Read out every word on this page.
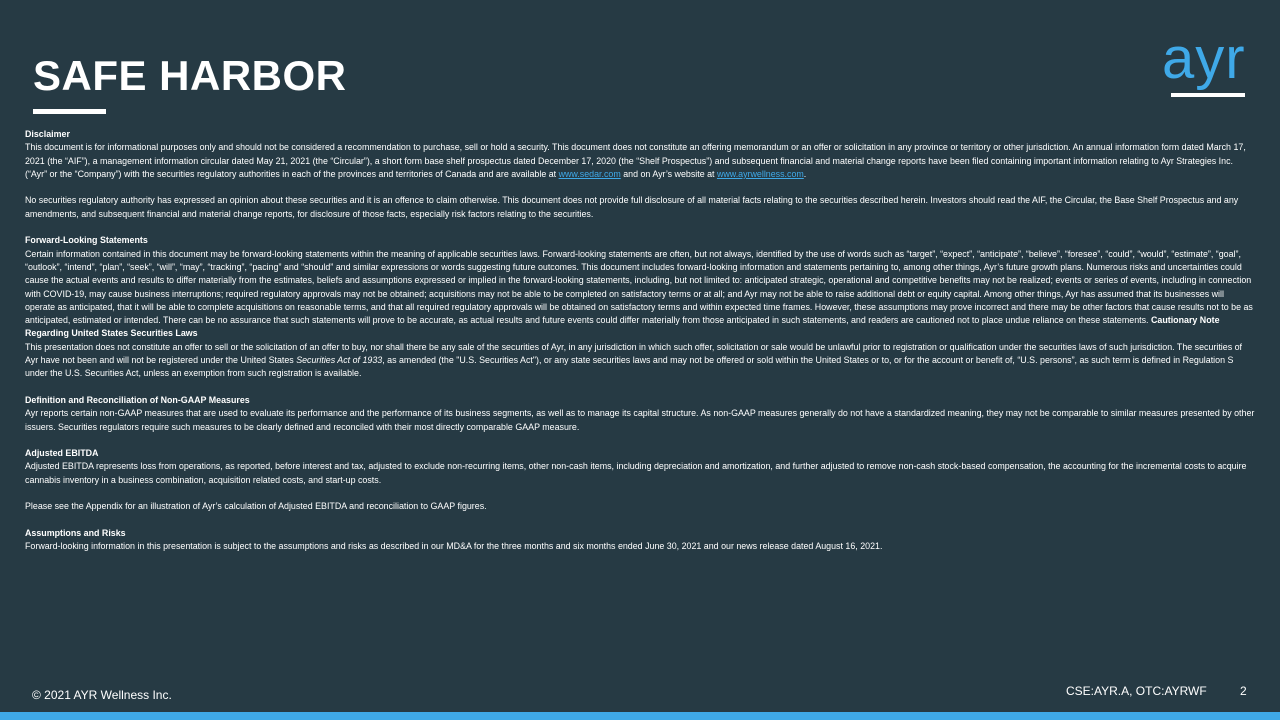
SAFE HARBOR	ayr
Disclaimer

This document is for informational purposes only and should not be considered a recommendation to purchase, sell or hold a security. This document does not constitute an offering memorandum or an offer or solicitation in any province or territory or other jurisdiction. An annual information form dated March 17, 2021 (the “AIF”), a management information circular dated May 21, 2021 (the “Circular”), a short form base shelf prospectus dated December 17, 2020 (the “Shelf Prospectus”) and subsequent financial and material change reports have been filed containing important information relating to Ayr Strategies Inc. (“Ayr” or the “Company”) with the securities regulatory authorities in each of the provinces and territories of Canada and are available at www.sedar.com and on Ayr’s website at www.ayrwellness.com.

No securities regulatory authority has expressed an opinion about these securities and it is an offence to claim otherwise. This document does not provide full disclosure of all material facts relating to the securities described herein. Investors should read the AIF, the Circular, the Base Shelf Prospectus and any amendments, and subsequent financial and material change reports, for disclosure of those facts, especially risk factors relating to the securities.

Forward-Looking Statements
Certain information contained in this document may be forward-looking statements within the meaning of applicable securities laws. Forward-looking statements are often, but not always, identified by the use of words such as “target”, “expect”, “anticipate”, “believe”, “foresee”, “could”, “would”, “estimate”, “goal”, “outlook”, “intend”, “plan”, “seek”, “will”, “may”, “tracking”, “pacing” and “should” and similar expressions or words suggesting future outcomes. This document includes forward-looking information and statements pertaining to, among other things, Ayr’s future growth plans. Numerous risks and uncertainties could cause the actual events and results to differ materially from the estimates, beliefs and assumptions expressed or implied in the forward-looking statements, including, but not limited to: anticipated strategic, operational and competitive benefits may not be realized; events or series of events, including in connection with COVID-19, may cause business interruptions; required regulatory approvals may not be obtained; acquisitions may not be able to be completed on satisfactory terms or at all; and Ayr may not be able to raise additional debt or equity capital. Among other things, Ayr has assumed that its businesses will operate as anticipated, that it will be able to complete acquisitions on reasonable terms, and that all required regulatory approvals will be obtained on satisfactory terms and within expected time frames. However, these assumptions may prove incorrect and there may be other factors that cause results not to be as anticipated, estimated or intended. There can be no assurance that such statements will prove to be accurate, as actual results and future events could differ materially from those anticipated in such statements, and readers are cautioned not to place undue reliance on these statements. Cautionary Note Regarding United States Securities Laws

This presentation does not constitute an offer to sell or the solicitation of an offer to buy, nor shall there be any sale of the securities of Ayr, in any jurisdiction in which such offer, solicitation or sale would be unlawful prior to registration or qualification under the securities laws of such jurisdiction. The securities of Ayr have not been and will not be registered under the United States Securities Act of 1933, as amended (the "U.S. Securities Act"), or any state securities laws and may not be offered or sold within the United States or to, or for the account or benefit of, “U.S. persons”, as such term is defined in Regulation S under the U.S. Securities Act, unless an exemption from such registration is available.

Definition and Reconciliation of Non-GAAP Measures

Ayr reports certain non-GAAP measures that are used to evaluate its performance and the performance of its business segments, as well as to manage its capital structure. As non-GAAP measures generally do not have a standardized meaning, they may not be comparable to similar measures presented by other issuers. Securities regulators require such measures to be clearly defined and reconciled with their most directly comparable GAAP measure.

Adjusted EBITDA

Adjusted EBITDA represents loss from operations, as reported, before interest and tax, adjusted to exclude non-recurring items, other non-cash items, including depreciation and amortization, and further adjusted to remove non-cash stock-based compensation, the accounting for the incremental costs to acquire cannabis inventory in a business combination, acquisition related costs, and start-up costs.

Please see the Appendix for an illustration of Ayr’s calculation of Adjusted EBITDA and reconciliation to GAAP figures.

Assumptions and Risks

Forward-looking information in this presentation is subject to the assumptions and risks as described in our MD&A for the three months and six months ended June 30, 2021 and our news release dated August 16, 2021.

© 2021 AYR Wellness Inc.	CSE:AYR.A, OTC:AYRWF	2
